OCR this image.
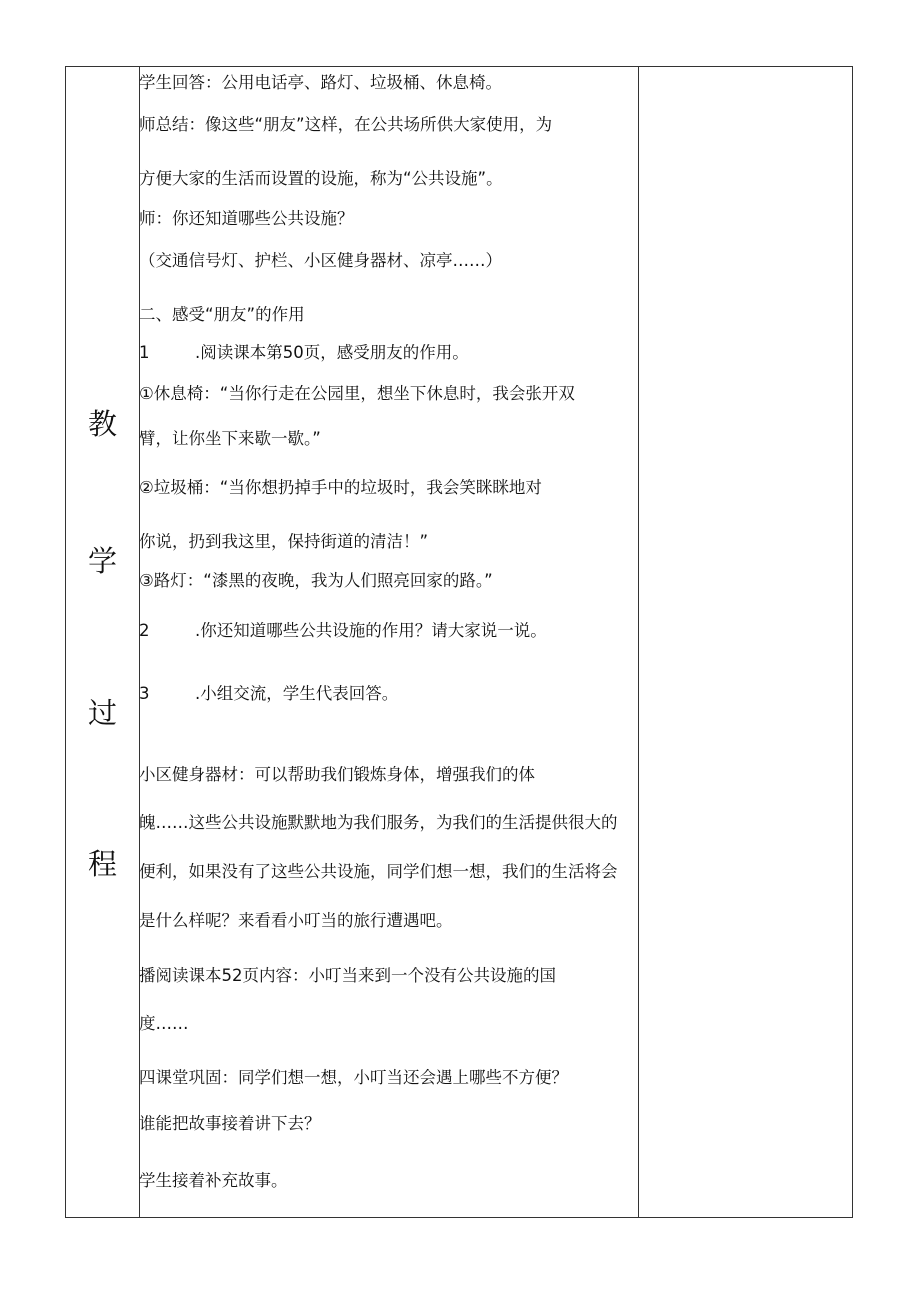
教
学
过
程
学生回答：公用电话亭、路灯、垃圾桶、休息椅。
师总结：像这些“朋友”这样，在公共场所供大家使用，为
方便大家的生活而设置的设施，称为“公共设施”。
师：你还知道哪些公共设施？
（交通信号灯、护栏、小区健身器材、凉亭……）
二、感受“朋友”的作用
1	.阅读课本第50页，感受朋友的作用。
①休息椅：“当你行走在公园里，想坐下休息时，我会张开双
臂，让你坐下来歇一歇。”
②垃圾桶：“当你想扔掉手中的垃圾时，我会笑眯眯地对
你说，扔到我这里，保持街道的清洁！”
③路灯：“漆黑的夜晚，我为人们照亮回家的路。”
2	.你还知道哪些公共设施的作用？请大家说一说。
3	.小组交流，学生代表回答。
小区健身器材：可以帮助我们锻炼身体，增强我们的体
魄……这些公共设施默默地为我们服务，为我们的生活提供很大的
便利，如果没有了这些公共设施，同学们想一想，我们的生活将会
是什么样呢？来看看小叮当的旅行遭遇吧。
播阅读课本52页内容：小叮当来到一个没有公共设施的国
度……
四课堂巩固：同学们想一想，小叮当还会遇上哪些不方便？
谁能把故事接着讲下去？
学生接着补充故事。
